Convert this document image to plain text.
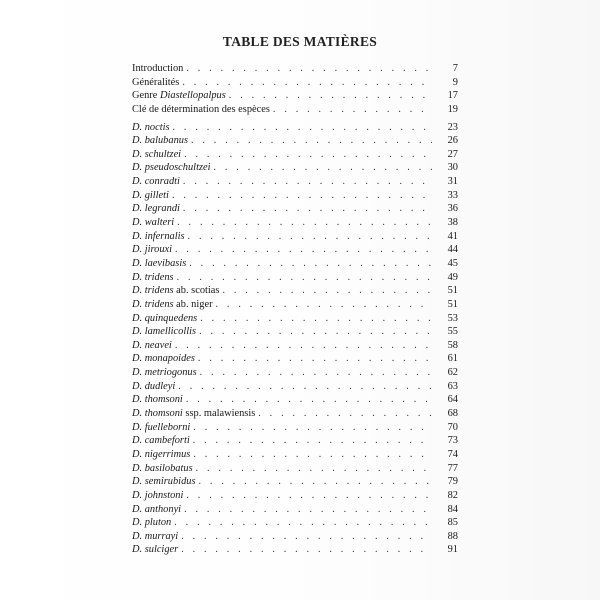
TABLE DES MATIÈRES
Introduction . . .	7
Généralités . . .	9
Genre Diastellopalpus . . .	17
Clé de détermination des espèces . . .	19
D. noctis . . .	23
D. balubanus . . .	26
D. schultzei . . .	27
D. pseudoschultzei . . .	30
D. conradti . . .	31
D. gilleti . . .	33
D. legrandi . . .	36
D. walteri . . .	38
D. infernalis . . .	41
D. jirouxi . . .	44
D. laevibasis . . .	45
D. tridens . . .	49
D. tridens ab. scotias . . .	51
D. tridens ab. niger . . .	51
D. quinquedens . . .	53
D. lamellicollis . . .	55
D. neavei . . .	58
D. monapoides . . .	61
D. metriogonus . . .	62
D. dudleyi . . .	63
D. thomsoni . . .	64
D. thomsoni ssp. malawiensis . . .	68
D. fuelleborni . . .	70
D. cambeforti . . .	73
D. nigerrimus . . .	74
D. basilobatus . . .	77
D. semirubidus . . .	79
D. johnstoni . . .	82
D. anthonyi . . .	84
D. pluton . . .	85
D. murrayi . . .	88
D. sulciger . . .	91
